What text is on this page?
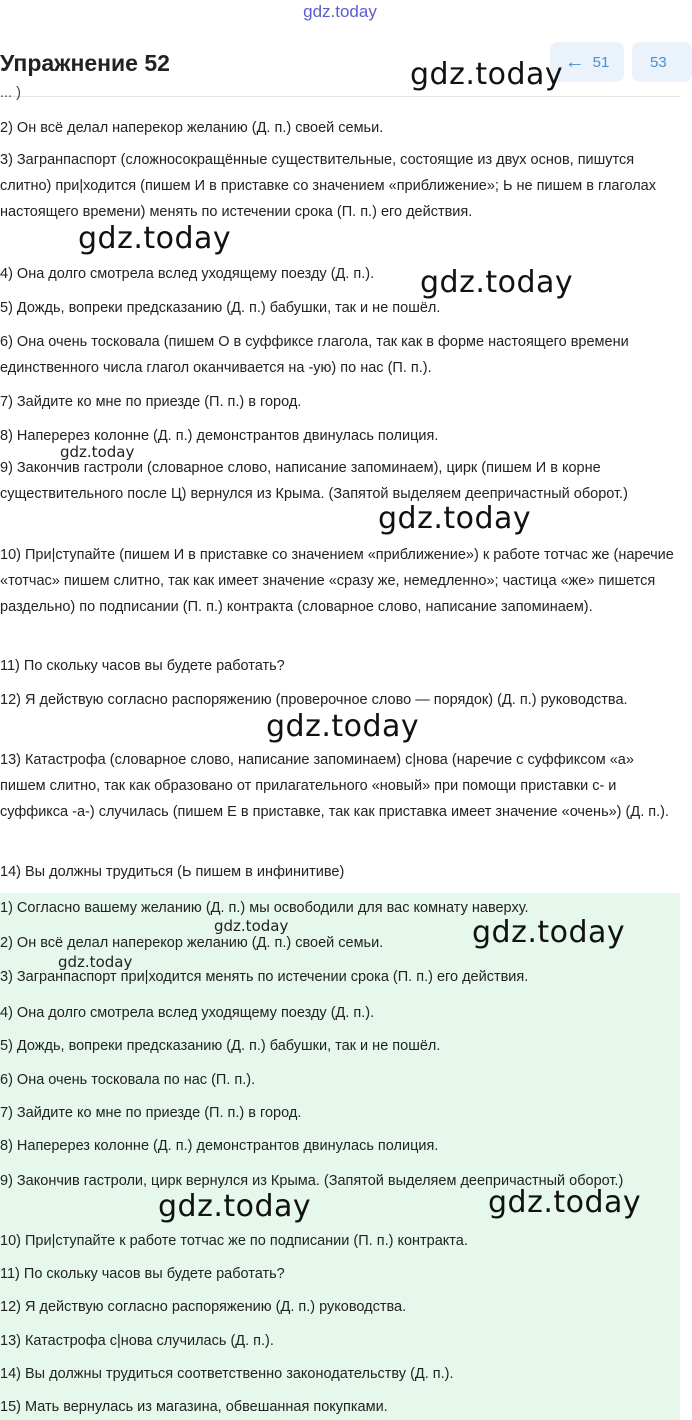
gdz.today
Упражнение 52	← 51	53
... )
2) Он всё делал наперекор желанию (Д. п.) своей семьи.
3) Загранпаспорт (сложносокращённые существительные, состоящие из двух основ, пишутся слитно) при|ходится (пишем И в приставке со значением «приближение»; Ь не пишем в глаголах настоящего времени) менять по истечении срока (П. п.) его действия.
4) Она долго смотрела вслед уходящему поезду (Д. п.).
5) Дождь, вопреки предсказанию (Д. п.) бабушки, так и не пошёл.
6) Она очень тосковала (пишем О в суффиксе глагола, так как в форме настоящего времени единственного числа глагол оканчивается на -ую) по нас (П. п.).
7) Зайдите ко мне по приезде (П. п.) в город.
8) Наперерез колонне (Д. п.) демонстрантов двинулась полиция.
9) Закончив гастроли (словарное слово, написание запоминаем), цирк (пишем И в корне существительного после Ц) вернулся из Крыма. (Запятой выделяем деепричастный оборот.)
10) При|ступайте (пишем И в приставке со значением «приближение») к работе тотчас же (наречие «тотчас» пишем слитно, так как имеет значение «сразу же, немедленно»; частица «же» пишется раздельно) по подписании (П. п.) контракта (словарное слово, написание запоминаем).
11) По скольку часов вы будете работать?
12) Я действую согласно распоряжению (проверочное слово — порядок) (Д. п.) руководства.
13) Катастрофа (словарное слово, написание запоминаем) с|нова (наречие с суффиксом «а» пишем слитно, так как образовано от прилагательного «новый» при помощи приставки с- и суффикса -а-) случилась (пишем Е в приставке, так как приставка имеет значение «очень») (Д. п.).
14) Вы должны трудиться (Ь пишем в инфинитиве)
gdz.today
gdz.today
gdz.today
gdz.today
gdz.today
gdz.today
1) Согласно вашему желанию (Д. п.) мы освободили для вас комнату наверху.
2) Он всё делал наперекор желанию (Д. п.) своей семьи.
3) Загранпаспорт при|ходится менять по истечении срока (П. п.) его действия.
4) Она долго смотрела вслед уходящему поезду (Д. п.).
5) Дождь, вопреки предсказанию (Д. п.) бабушки, так и не пошёл.
6) Она очень тосковала по нас (П. п.).
7) Зайдите ко мне по приезде (П. п.) в город.
8) Наперерез колонне (Д. п.) демонстрантов двинулась полиция.
9) Закончив гастроли, цирк вернулся из Крыма. (Запятой выделяем деепричастный оборот.)
10) При|ступайте к работе тотчас же по подписании (П. п.) контракта.
11) По скольку часов вы будете работать?
12) Я действую согласно распоряжению (Д. п.) руководства.
13) Катастрофа с|нова случилась (Д. п.).
14) Вы должны трудиться соответственно законодательству (Д. п.).
15) Мать вернулась из магазина, обвешанная покупками.
gdz.today	gdz.today
gdz.today
gdz.today	gdz.today
